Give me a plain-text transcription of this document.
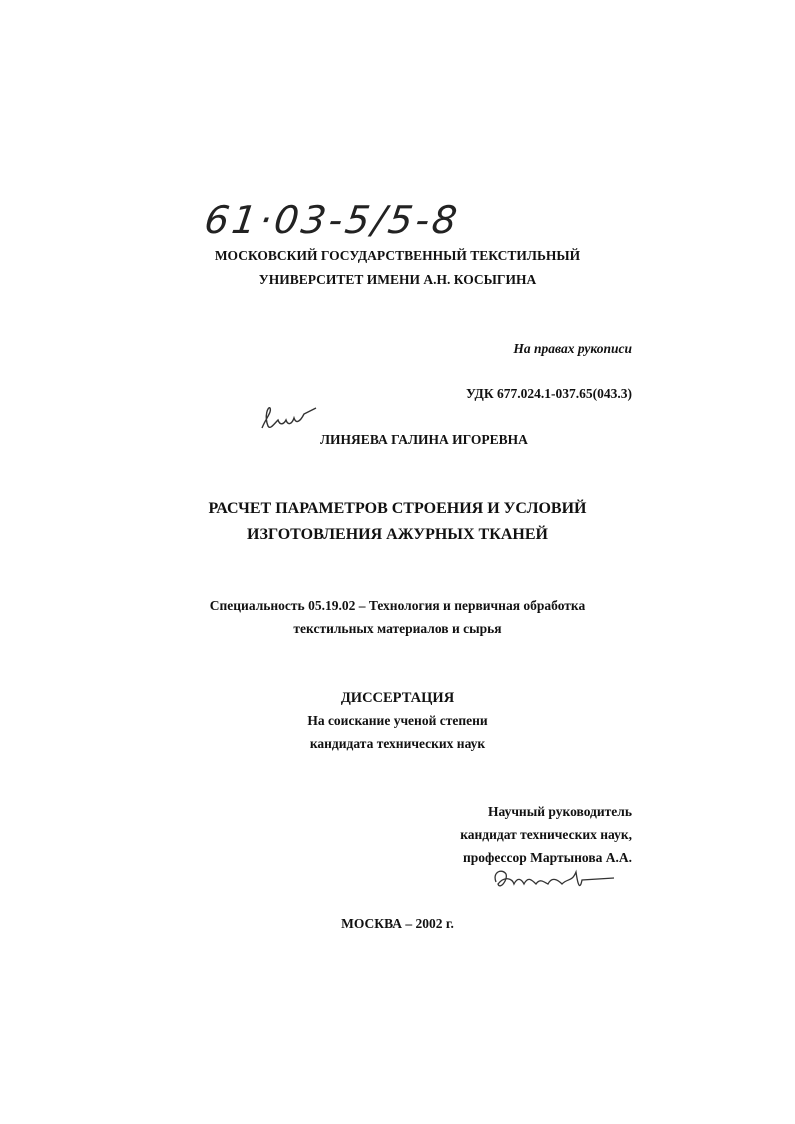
61·03-5/5-8
МОСКОВСКИЙ ГОСУДАРСТВЕННЫЙ ТЕКСТИЛЬНЫЙ
УНИВЕРСИТЕТ ИМЕНИ А.Н. КОСЫГИНА
На правах рукописи
УДК 677.024.1-037.65(043.3)
ЛИНЯЕВА ГАЛИНА ИГОРЕВНА
РАСЧЕТ ПАРАМЕТРОВ СТРОЕНИЯ И УСЛОВИЙ
ИЗГОТОВЛЕНИЯ АЖУРНЫХ ТКАНЕЙ
Специальность 05.19.02 – Технология и первичная обработка
текстильных материалов и сырья
ДИССЕРТАЦИЯ
На соискание ученой степени
кандидата технических наук
Научный руководитель
кандидат технических наук,
профессор Мартынова А.А.
МОСКВА – 2002 г.
